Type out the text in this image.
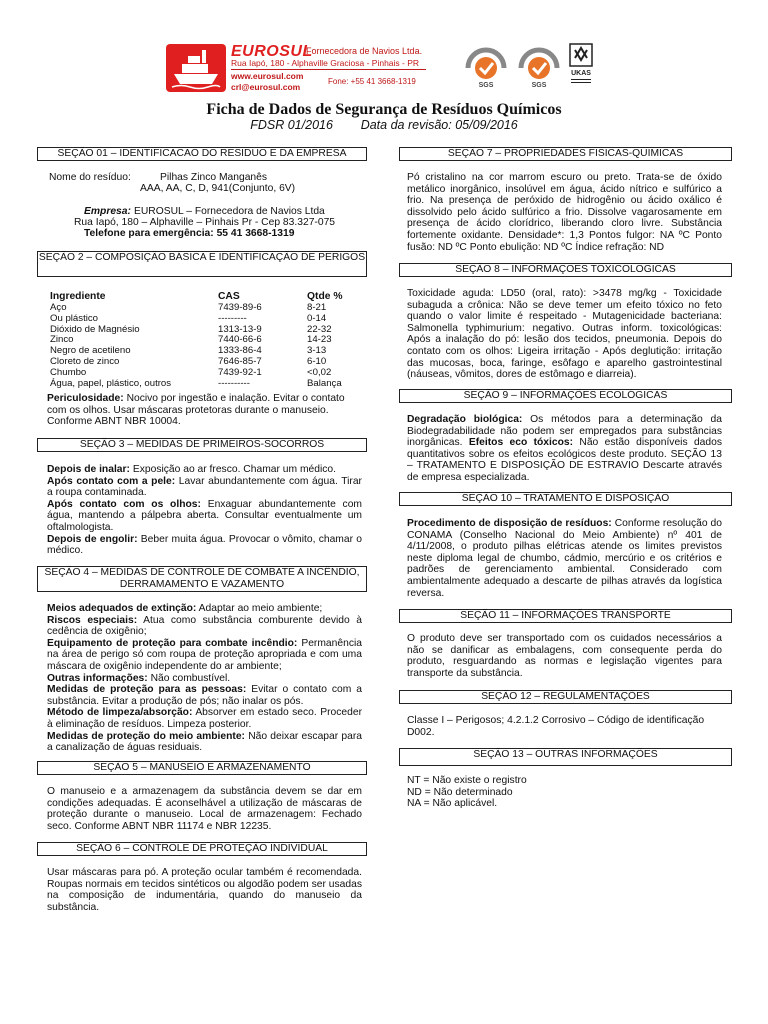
EUROSUL
Fornecedora de Navios Ltda.
Rua Iapó, 180 - Alphaville Graciosa - Pinhais - PR
www.eurosul.com
crl@eurosul.com
Fone: +55 41 3668-1319	SGS	SGS
UKAS
Ficha de Dados de Segurança de Resíduos Químicos
FDSR 01/2016        Data da revisão: 05/09/2016
SEÇÃO 01 – IDENTIFICACAO DO RESIDUO E DA EMPRESA
Nome do resíduo:	Pilhas Zinco Manganês
AAA, AA, C, D, 941(Conjunto, 6V)
Empresa: EUROSUL – Fornecedora de Navios Ltda
Rua Iapó, 180 – Alphaville – Pinhais Pr - Cep 83.327-075
Telefone para emergência: 55 41 3668-1319
SEÇÃO 2 – COMPOSIÇÃO BÁSICA E IDENTIFICAÇÃO DE PERIGOS
Ingrediente	CAS	Qtde %
Aço	7439-89-6	8-21
Ou plástico	---------	0-14
Dióxido de Magnésio	1313-13-9	22-32
Zinco	7440-66-6	14-23
Negro de acetileno	1333-86-4	3-13
Cloreto de zinco	7646-85-7	6-10
Chumbo	7439-92-1	<0,02
Água, papel, plástico, outros	----------	Balança
Periculosidade: Nocivo por ingestão e inalação. Evitar o contato com os olhos. Usar máscaras protetoras durante o manuseio. Conforme ABNT NBR 10004.
SEÇÃO 3 – MEDIDAS DE PRIMEIROS-SOCORROS
Depois de inalar: Exposição ao ar fresco. Chamar um médico.
Após contato com a pele: Lavar abundantemente com água. Tirar a roupa contaminada.
Após contato com os olhos: Enxaguar abundantemente com água, mantendo a pálpebra aberta. Consultar eventualmente um oftalmologista.
Depois de engolir: Beber muita água. Provocar o vômito, chamar o médico.
SEÇÃO 4 – MEDIDAS DE CONTROLE DE COMBATE A INCÊNDIO, DERRAMAMENTO E VAZAMENTO
Meios adequados de extinção: Adaptar ao meio ambiente;
Riscos especiais: Atua como substância comburente devido à cedência de oxigênio;
Equipamento de proteção para combate incêndio: Permanência na área de perigo só com roupa de proteção apropriada e com uma máscara de oxigênio independente do ar ambiente;
Outras informações: Não combustível.
Medidas de proteção para as pessoas: Evitar o contato com a substância. Evitar a produção de pós; não inalar os pós.
Método de limpeza/absorção: Absorver em estado seco. Proceder à eliminação de resíduos. Limpeza posterior.
Medidas de proteção do meio ambiente: Não deixar escapar para a canalização de águas residuais.
SEÇÃO 5 – MANUSEIO E ARMAZENAMENTO
O manuseio e a armazenagem da substância devem se dar em condições adequadas. É aconselhável a utilização de máscaras de proteção durante o manuseio. Local de armazenagem: Fechado seco. Conforme ABNT NBR 11174 e NBR 12235.
SEÇÃO 6 – CONTROLE DE PROTEÇÃO INDIVIDUAL
Usar máscaras para pó. A proteção ocular também é recomendada. Roupas normais em tecidos sintéticos ou algodão podem ser usadas na composição de indumentária, quando do manuseio da substância.
SEÇÃO 7 – PROPRIEDADES FISICAS-QUIMICAS
Pó cristalino na cor marrom escuro ou preto. Trata-se de óxido metálico inorgânico, insolúvel em água, ácido nítrico e sulfúrico a frio. Na presença de peróxido de hidrogênio ou ácido oxálico é dissolvido pelo ácido sulfúrico a frio. Dissolve vagarosamente em presença de ácido clorídrico, liberando cloro livre. Substância fortemente oxidante. Densidade*: 1,3 Pontos fulgor: NA ºC Ponto fusão: ND ºC Ponto ebulição: ND ºC Índice refração: ND
SEÇÃO 8 – INFORMAÇOES TOXICOLOGICAS
Toxicidade aguda: LD50 (oral, rato): >3478 mg/kg - Toxicidade subaguda a crônica: Não se deve temer um efeito tóxico no feto quando o valor limite é respeitado - Mutagenicidade bacteriana: Salmonella typhimurium: negativo. Outras inform. toxicológicas: Após a inalação do pó: lesão dos tecidos, pneumonia. Depois do contato com os olhos: Ligeira irritação - Após deglutição: irritação das mucosas, boca, faringe, esôfago e aparelho gastrointestinal (náuseas, vômitos, dores de estômago e diarreia).
SEÇÃO 9 – INFORMAÇÕES ECOLÓGICAS
Degradação biológica: Os métodos para a determinação da Biodegradabilidade não podem ser empregados para substâncias inorgânicas. Efeitos eco tóxicos: Não estão disponíveis dados quantitativos sobre os efeitos ecológicos deste produto. SEÇÃO 13 – TRATAMENTO E DISPOSIÇÃO DE ESTRAVIO Descarte através de empresa especializada.
SEÇÃO 10 – TRATAMENTO E DISPOSIÇÃO
Procedimento de disposição de resíduos: Conforme resolução do CONAMA (Conselho Nacional do Meio Ambiente) nº 401 de 4/11/2008, o produto pilhas elétricas atende os limites previstos neste diploma legal de chumbo, cádmio, mercúrio e os critérios e padrões de gerenciamento ambiental. Considerado com ambientalmente adequado a descarte de pilhas através da logística reversa.
SEÇÃO 11 – INFORMAÇÕES TRANSPORTE
O produto deve ser transportado com os cuidados necessários a não se danificar as embalagens, com consequente perda do produto, resguardando as normas e legislação vigentes para transporte da substância.
SEÇÃO 12 – REGULAMENTAÇÕES
Classe I – Perigosos; 4.2.1.2 Corrosivo – Código de identificação D002.
SEÇÃO 13 – OUTRAS INFORMAÇÕES
NT = Não existe o registro
ND = Não determinado
NA = Não aplicável.
